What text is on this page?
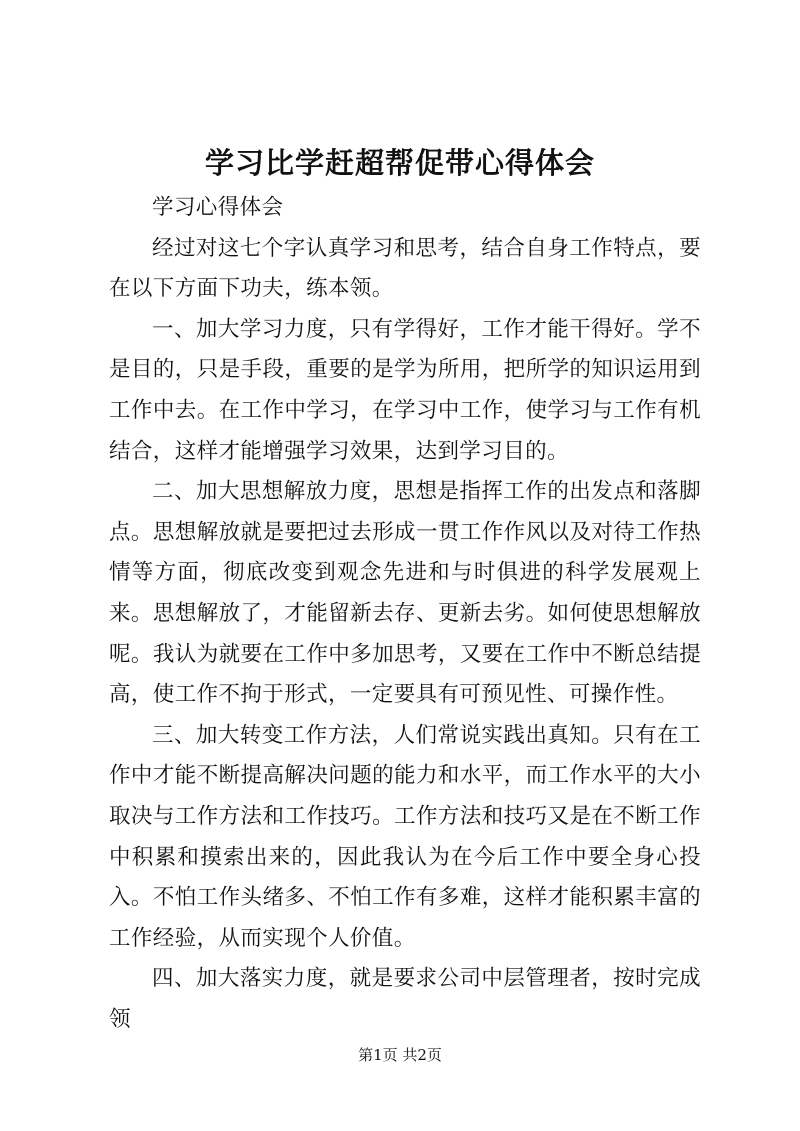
学习比学赶超帮促带心得体会

学习心得体会

经过对这七个字认真学习和思考，结合自身工作特点，要在以下方面下功夫，练本领。

一、加大学习力度，只有学得好，工作才能干得好。学不是目的，只是手段，重要的是学为所用，把所学的知识运用到工作中去。在工作中学习，在学习中工作，使学习与工作有机结合，这样才能增强学习效果，达到学习目的。

二、加大思想解放力度，思想是指挥工作的出发点和落脚点。思想解放就是要把过去形成一贯工作作风以及对待工作热情等方面，彻底改变到观念先进和与时俱进的科学发展观上来。思想解放了，才能留新去存、更新去劣。如何使思想解放呢。我认为就要在工作中多加思考，又要在工作中不断总结提高，使工作不拘于形式，一定要具有可预见性、可操作性。

三、加大转变工作方法，人们常说实践出真知。只有在工作中才能不断提高解决问题的能力和水平，而工作水平的大小取决与工作方法和工作技巧。工作方法和技巧又是在不断工作中积累和摸索出来的，因此我认为在今后工作中要全身心投入。不怕工作头绪多、不怕工作有多难，这样才能积累丰富的工作经验，从而实现个人价值。

四、加大落实力度，就是要求公司中层管理者，按时完成领

第1页 共2页
